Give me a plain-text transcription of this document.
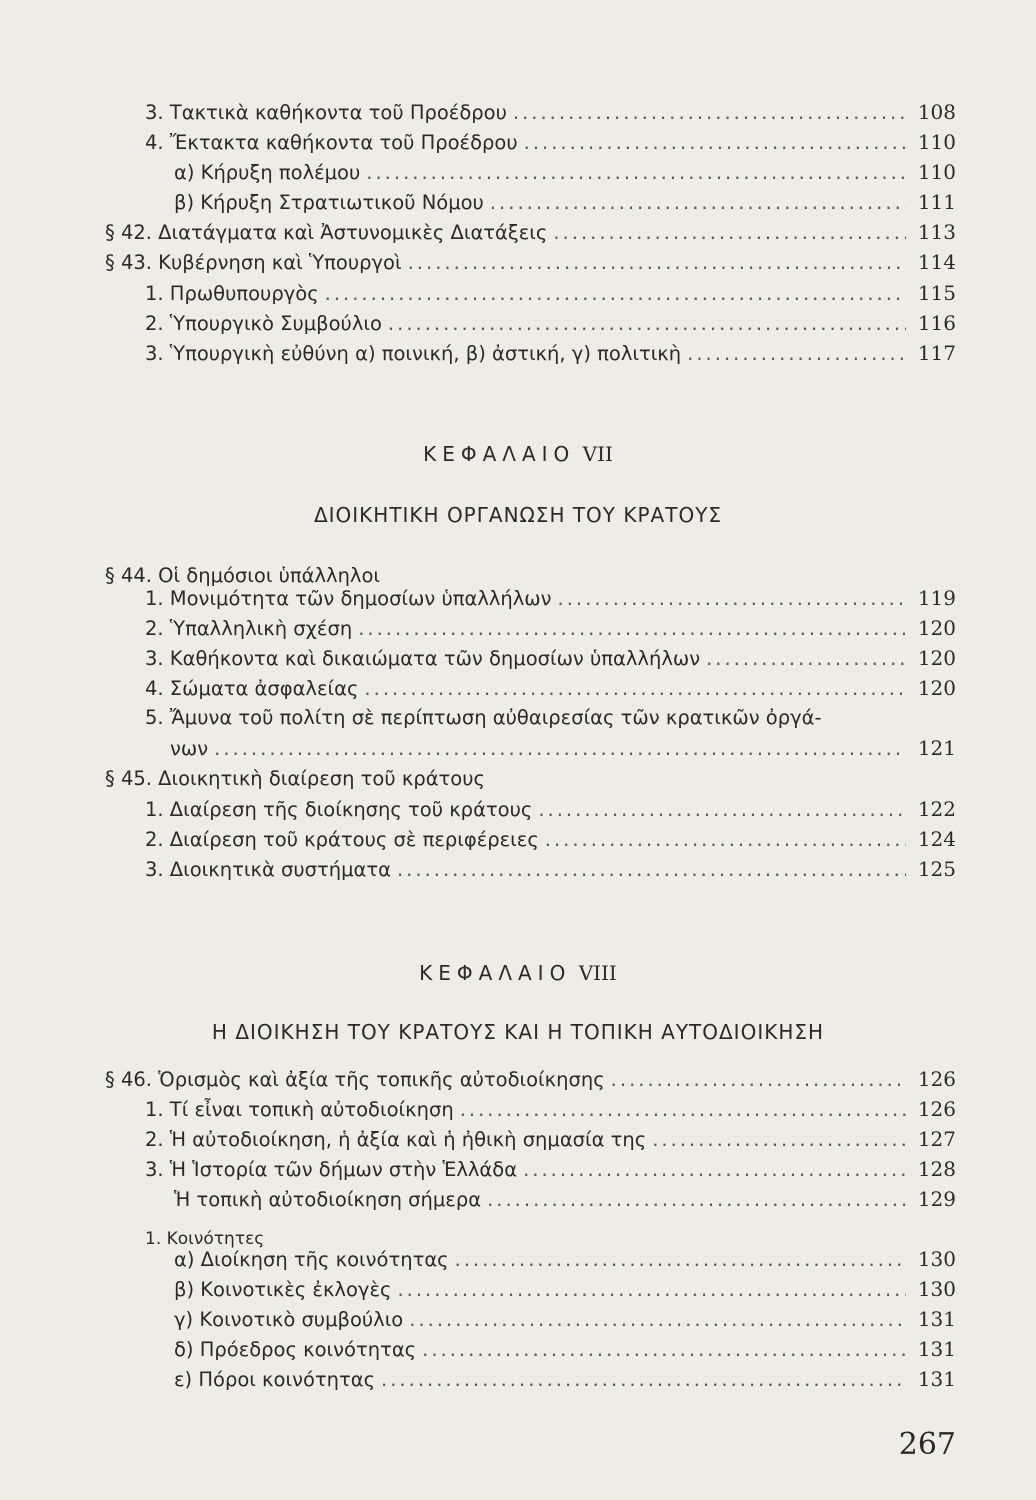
3. Τακτικὰ καθήκοντα τοῦ Προέδρου .....	108
4. Ἔκτακτα καθήκοντα τοῦ Προέδρου .....	110
α) Κήρυξη πολέμου .....	110
β) Κήρυξη Στρατιωτικοῦ Νόμου .....	111
§ 42. Διατάγματα καὶ Ἀστυνομικὲς Διατάξεις .....	113
§ 43. Κυβέρνηση καὶ Ὑπουργοὶ .....	114
1. Πρωθυπουργὸς .....	115
2. Ὑπουργικὸ Συμβούλιο .....	116
3. Ὑπουργικὴ εὐθύνη α) ποινική, β) ἀστική, γ) πολιτικὴ .....	117
ΚΕΦΑΛΑΙΟ VII
ΔΙΟΙΚΗΤΙΚΗ ΟΡΓΑΝΩΣΗ ΤΟΥ ΚΡΑΤΟΥΣ
§ 44. Οἱ δημόσιοι ὑπάλληλοι
1. Μονιμότητα τῶν δημοσίων ὑπαλλήλων .....	119
2. Ὑπαλληλικὴ σχέση .....	120
3. Καθήκοντα καὶ δικαιώματα τῶν δημοσίων ὑπαλλήλων .....	120
4. Σώματα ἀσφαλείας .....	120
5. Ἄμυνα τοῦ πολίτη σὲ περίπτωση αὐθαιρεσίας τῶν κρατικῶν ὀργά-
νων .....	121
§ 45. Διοικητικὴ διαίρεση τοῦ κράτους
1. Διαίρεση τῆς διοίκησης τοῦ κράτους .....	122
2. Διαίρεση τοῦ κράτους σὲ περιφέρειες .....	124
3. Διοικητικὰ συστήματα .....	125
ΚΕΦΑΛΑΙΟ VIII
Η ΔΙΟΙΚΗΣΗ ΤΟΥ ΚΡΑΤΟΥΣ ΚΑΙ Η ΤΟΠΙΚΗ ΑΥΤΟΔΙΟΙΚΗΣΗ
§ 46. Ὁρισμὸς καὶ ἀξία τῆς τοπικῆς αὐτοδιοίκησης .....	126
1. Τί εἶναι τοπικὴ αὐτοδιοίκηση .....	126
2. Ἡ αὐτοδιοίκηση, ἡ ἀξία καὶ ἡ ἠθικὴ σημασία της .....	127
3. Ἡ Ἱστορία τῶν δήμων στὴν Ἑλλάδα .....	128
Ἡ τοπικὴ αὐτοδιοίκηση σήμερα .....	129
1. Κοινότητες
α) Διοίκηση τῆς κοινότητας .....	130
β) Κοινοτικὲς ἐκλογὲς .....	130
γ) Κοινοτικὸ συμβούλιο .....	131
δ) Πρόεδρος κοινότητας .....	131
ε) Πόροι κοινότητας .....	131
267
